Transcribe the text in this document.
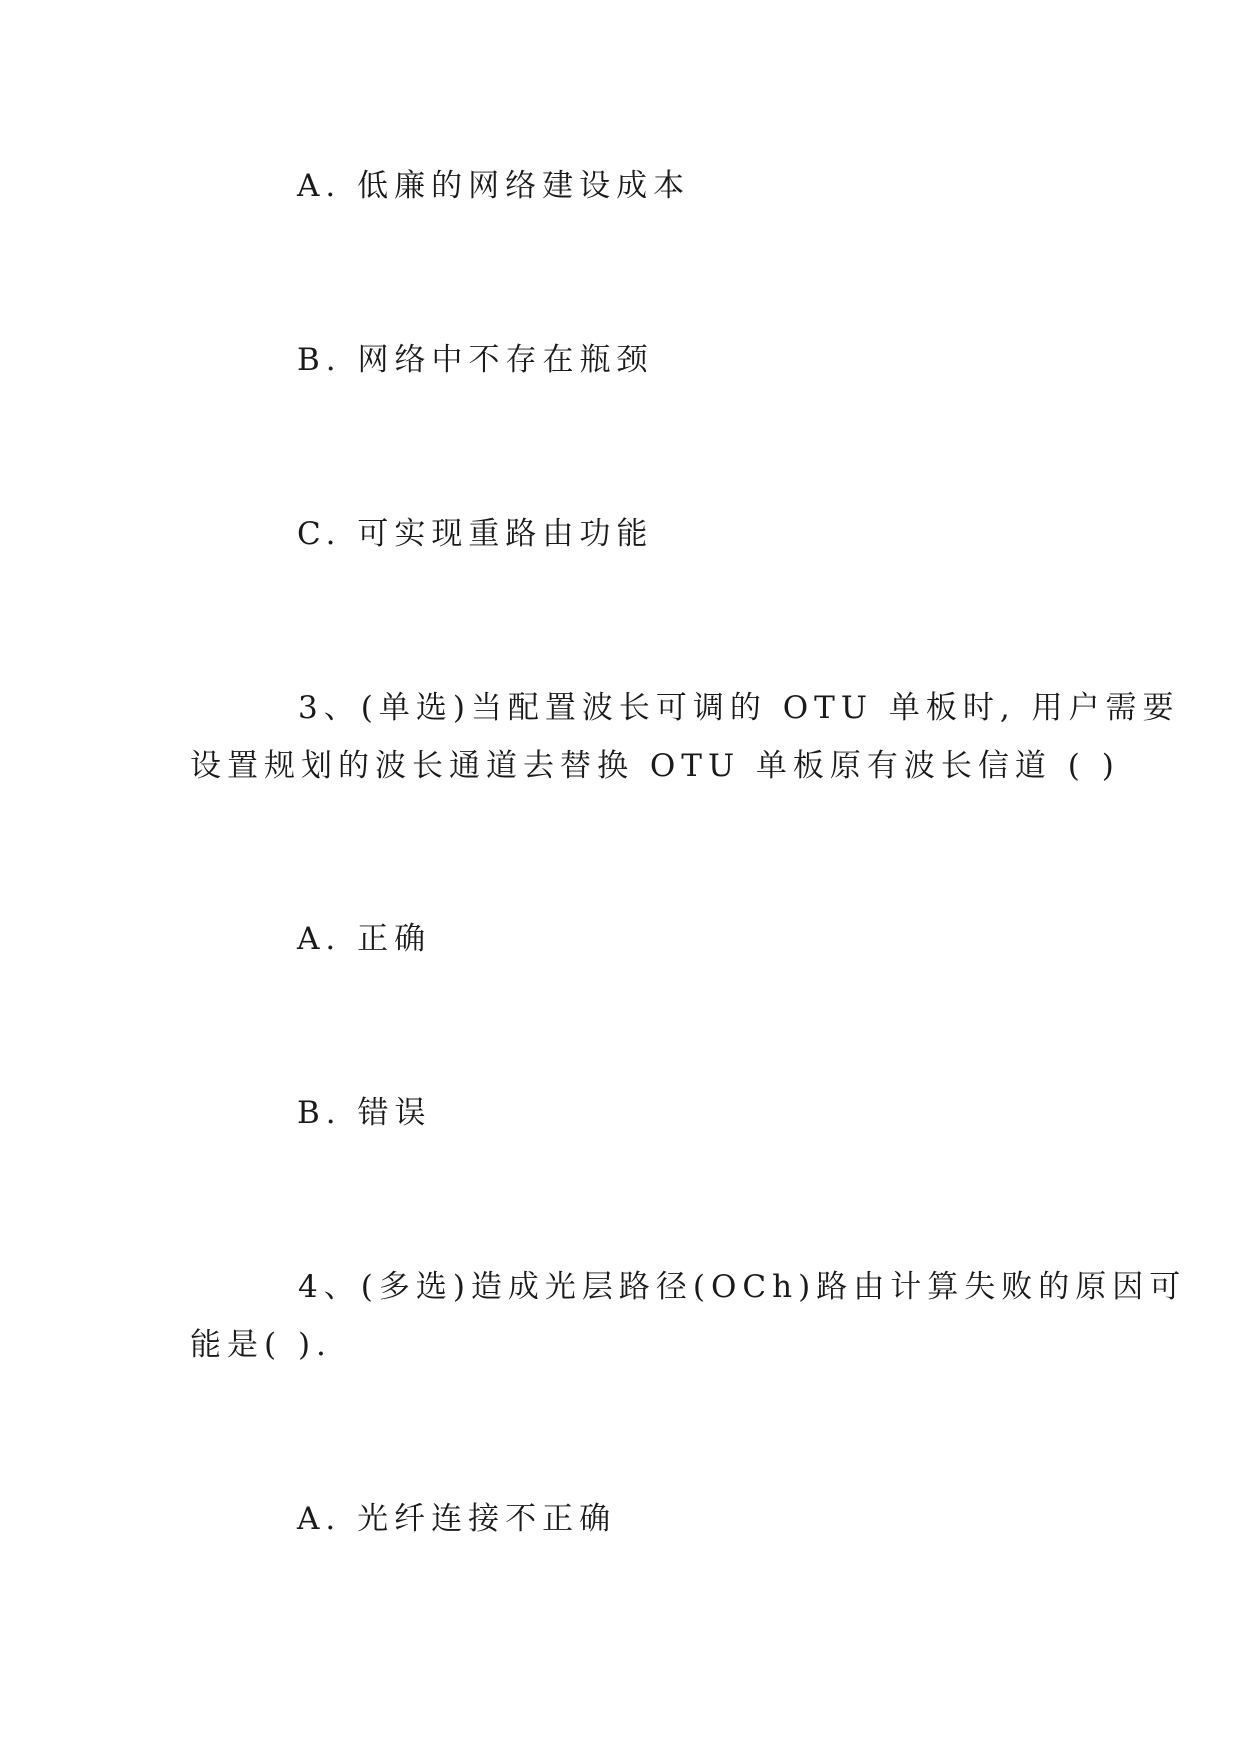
A. 低廉的网络建设成本
B. 网络中不存在瓶颈
C. 可实现重路由功能
3、(单选)当配置波长可调的 OTU 单板时, 用户需要
设置规划的波长通道去替换 OTU 单板原有波长信道 ( )
A. 正确
B. 错误
4、(多选)造成光层路径(OCh)路由计算失败的原因可
能是( ).
A. 光纤连接不正确
